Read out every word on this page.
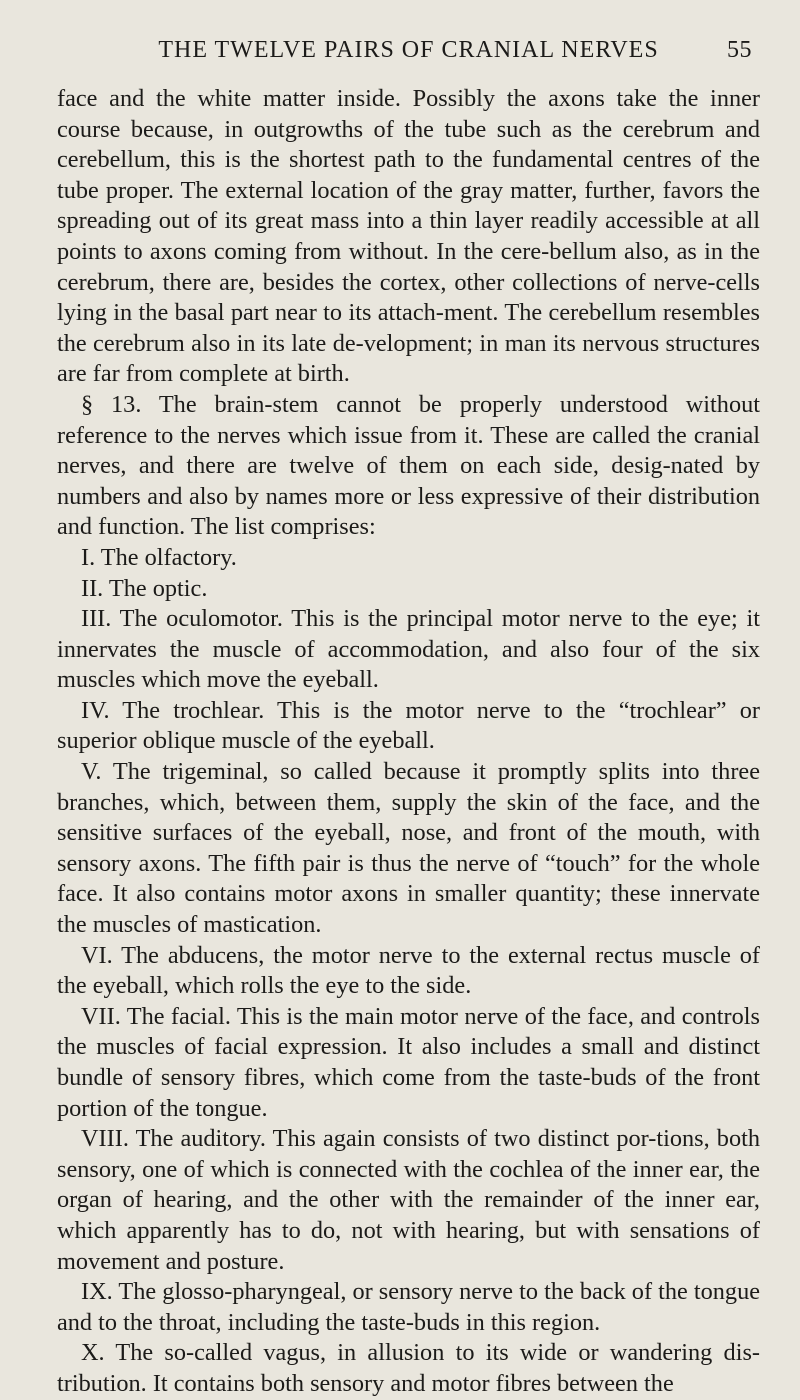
THE TWELVE PAIRS OF CRANIAL NERVES	55

face and the white matter inside. Possibly the axons take the inner course because, in outgrowths of the tube such as the cerebrum and cerebellum, this is the shortest path to the fundamental centres of the tube proper. The external location of the gray matter, further, favors the spreading out of its great mass into a thin layer readily accessible at all points to axons coming from without. In the cere-bellum also, as in the cerebrum, there are, besides the cortex, other collections of nerve-cells lying in the basal part near to its attach-ment. The cerebellum resembles the cerebrum also in its late de-velopment; in man its nervous structures are far from complete at birth.

§ 13. The brain-stem cannot be properly understood without reference to the nerves which issue from it. These are called the cranial nerves, and there are twelve of them on each side, desig-nated by numbers and also by names more or less expressive of their distribution and function. The list comprises:

I. The olfactory.

II. The optic.

III. The oculomotor. This is the principal motor nerve to the eye; it innervates the muscle of accommodation, and also four of the six muscles which move the eyeball.

IV. The trochlear. This is the motor nerve to the “trochlear” or superior oblique muscle of the eyeball.

V. The trigeminal, so called because it promptly splits into three branches, which, between them, supply the skin of the face, and the sensitive surfaces of the eyeball, nose, and front of the mouth, with sensory axons. The fifth pair is thus the nerve of “touch” for the whole face. It also contains motor axons in smaller quantity; these innervate the muscles of mastication.

VI. The abducens, the motor nerve to the external rectus muscle of the eyeball, which rolls the eye to the side.

VII. The facial. This is the main motor nerve of the face, and controls the muscles of facial expression. It also includes a small and distinct bundle of sensory fibres, which come from the taste-buds of the front portion of the tongue.

VIII. The auditory. This again consists of two distinct por-tions, both sensory, one of which is connected with the cochlea of the inner ear, the organ of hearing, and the other with the remainder of the inner ear, which apparently has to do, not with hearing, but with sensations of movement and posture.

IX. The glosso-pharyngeal, or sensory nerve to the back of the tongue and to the throat, including the taste-buds in this region.

X. The so-called vagus, in allusion to its wide or wandering dis-tribution. It contains both sensory and motor fibres between the
